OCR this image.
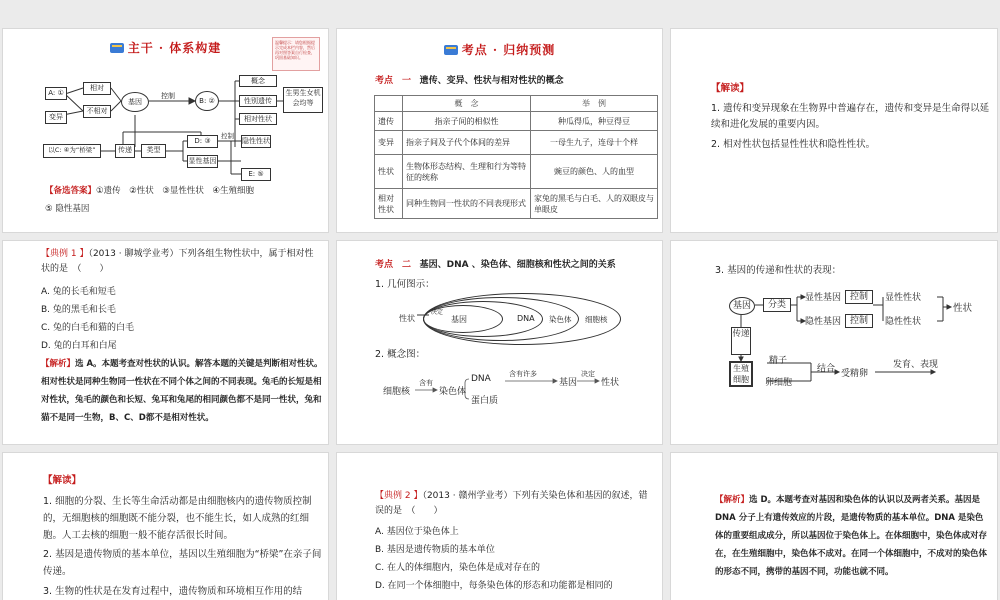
主干 · 体系构建	温馨提示：请您根据提示完成本栏内容，然后再对照答案自行检查，巩固基础知识。
A: ①
变异
相对
不相对
基因
控制
B: ②
概念
性别遗传
相对性状
生男生女机会均等
以C: ④为“桥梁”	传递	类型
D: ③
控制
显性基因
隐性性状
E: ⑤
【备选答案】①遗传　②性状　③显性性状　④生殖细胞
⑤ 隐性基因
考点 · 归纳预测
考点　一 遗传、变异、性状与相对性状的概念
	概　念	举　例
遗传	指亲子间的相似性	种瓜得瓜，种豆得豆
变异	指亲子间及子代个体间的差异	一母生九子，连母十个样
性状	生物体形态结构、生理和行为等特征的统称	豌豆的颜色、人的血型
相对性状	同种生物同一性状的不同表现形式	家兔的黑毛与白毛、人的双眼皮与单眼皮
【解读】
1. 遗传和变异现象在生物界中普遍存在，遗传和变异是生命得以延续和进化发展的重要内因。
2. 相对性状包括显性性状和隐性性状。
【典例 1 】（2013 · 聊城学业考）下列各组生物性状中，属于相对性状的是　（　　）
A. 兔的长毛和短毛
B. 兔的黑毛和长毛
C. 兔的白毛和猫的白毛
D. 兔的白耳和白尾
【解析】选 A。本题考查对性状的认识。解答本题的关键是判断相对性状。相对性状是同种生物同一性状在不同个体之间的不同表现。兔毛的长短是相对性状，兔毛的颜色和长短、兔耳和兔尾的相同颜色都不是同一性状，兔和猫不是同一生物，B、C、D都不是相对性状。
考点　二 基因、DNA 、染色体、细胞核和性状之间的关系
1. 几何图示：
性状
决定
基因	DNA 染色体 细胞核
2. 概念图：
细胞核
含有
染色体
DNA
蛋白质
含有许多
基因
决定
性状
3. 基因的传递和性状的表现：
基因	分类
显性基因
隐性基因
控制
控制
显性性状
隐性性状
性状
传递
生殖细胞
精子
卵细胞
结合 受精卵
发育、表现
【解读】
1. 细胞的分裂、生长等生命活动都是由细胞核内的遗传物质控制的，无细胞核的细胞既不能分裂，也不能生长，如人成熟的红细胞。人工去核的细胞一般不能存活很长时间。
2. 基因是遗传物质的基本单位，基因以生殖细胞为“桥梁”在亲子间传递。
3. 生物的性状是在发育过程中，遗传物质和环境相互作用的结
【典例 2 】（2013 · 赣州学业考）下列有关染色体和基因的叙述，错误的是　（　　）
A. 基因位于染色体上
B. 基因是遗传物质的基本单位
C. 在人的体细胞内，染色体是成对存在的
D. 在同一个体细胞中，每条染色体的形态和功能都是相同的
【解析】选 D。本题考查对基因和染色体的认识以及两者关系。基因是 DNA 分子上有遗传效应的片段，是遗传物质的基本单位。DNA 是染色体的重要组成成分，所以基因位于染色体上。在体细胞中，染色体成对存在，在生殖细胞中，染色体不成对。在同一个体细胞中，不成对的染色体的形态不同，携带的基因不同，功能也就不同。
